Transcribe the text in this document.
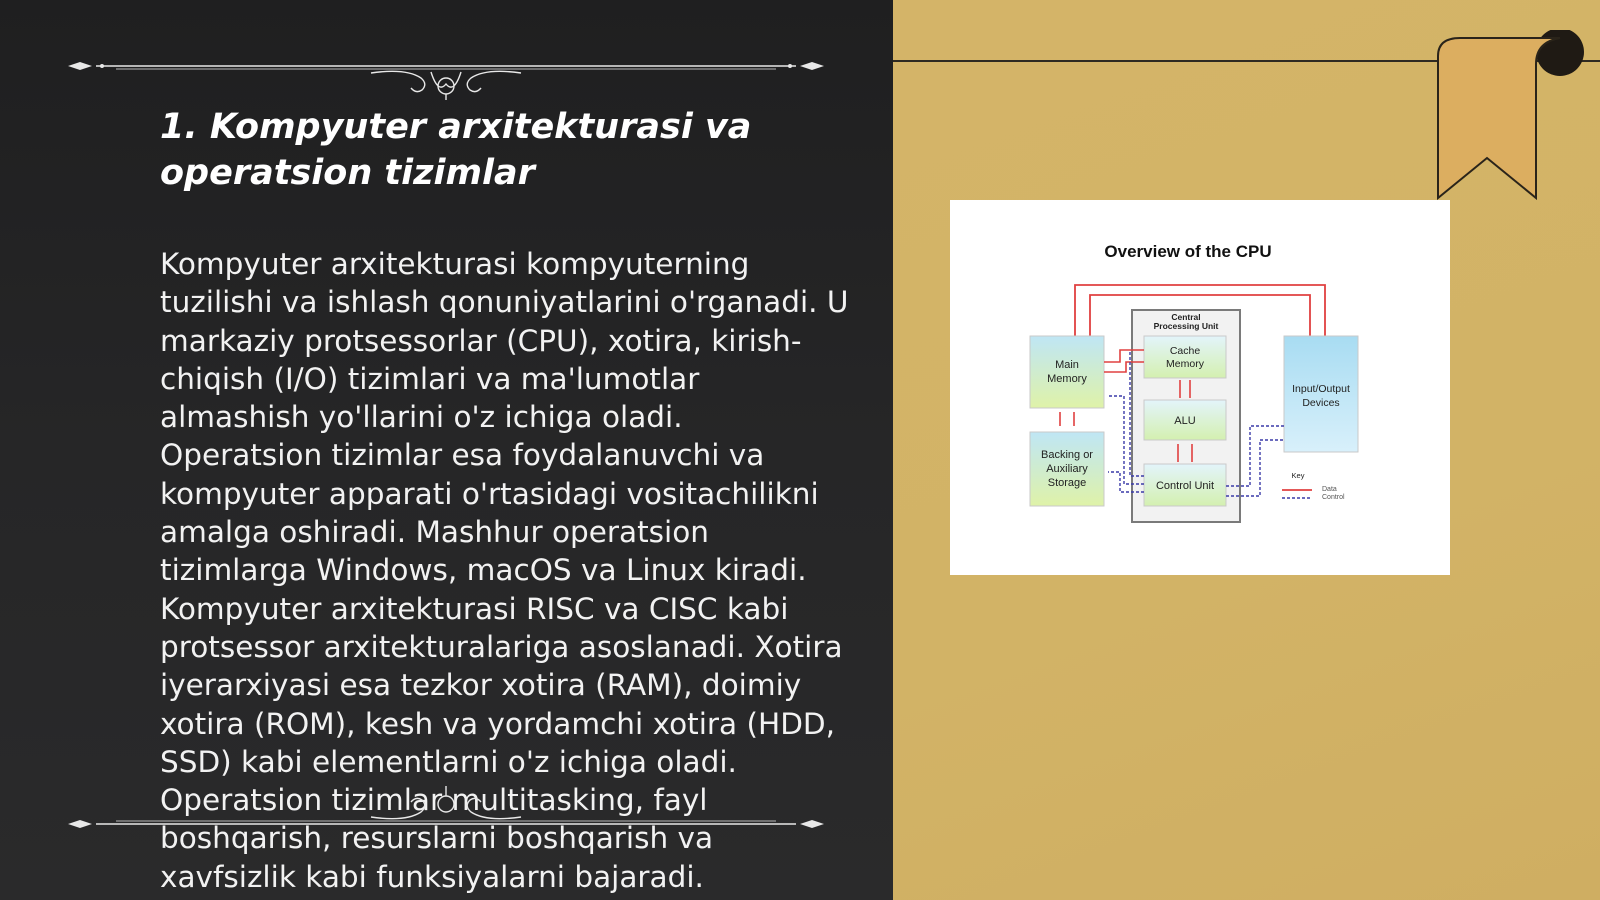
1. Kompyuter arxitekturasi va
operatsion tizimlar

Kompyuter arxitekturasi kompyuterning tuzilishi va ishlash qonuniyatlarini o'rganadi. U markaziy protsessorlar (CPU), xotira, kirish-chiqish (I/O) tizimlari va ma'lumotlar almashish yo'llarini o'z ichiga oladi. Operatsion tizimlar esa foydalanuvchi va kompyuter apparati o'rtasidagi vositachilikni amalga oshiradi. Mashhur operatsion tizimlarga Windows, macOS va Linux kiradi. Kompyuter arxitekturasi RISC va CISC kabi protsessor arxitekturalariga asoslanadi. Xotira iyerarxiyasi esa tezkor xotira (RAM), doimiy xotira (ROM), kesh va yordamchi xotira (HDD, SSD) kabi elementlarni o'z ichiga oladi. Operatsion tizimlar multitasking, fayl boshqarish, resurslarni boshqarish va xavfsizlik kabi funksiyalarni bajaradi.

Overview of the CPU
Central
Processing Unit
Main
Memory
Backing or
Auxiliary
Storage
Cache
Memory
ALU
Control Unit
Input/Output
Devices
Key
Data
Control
